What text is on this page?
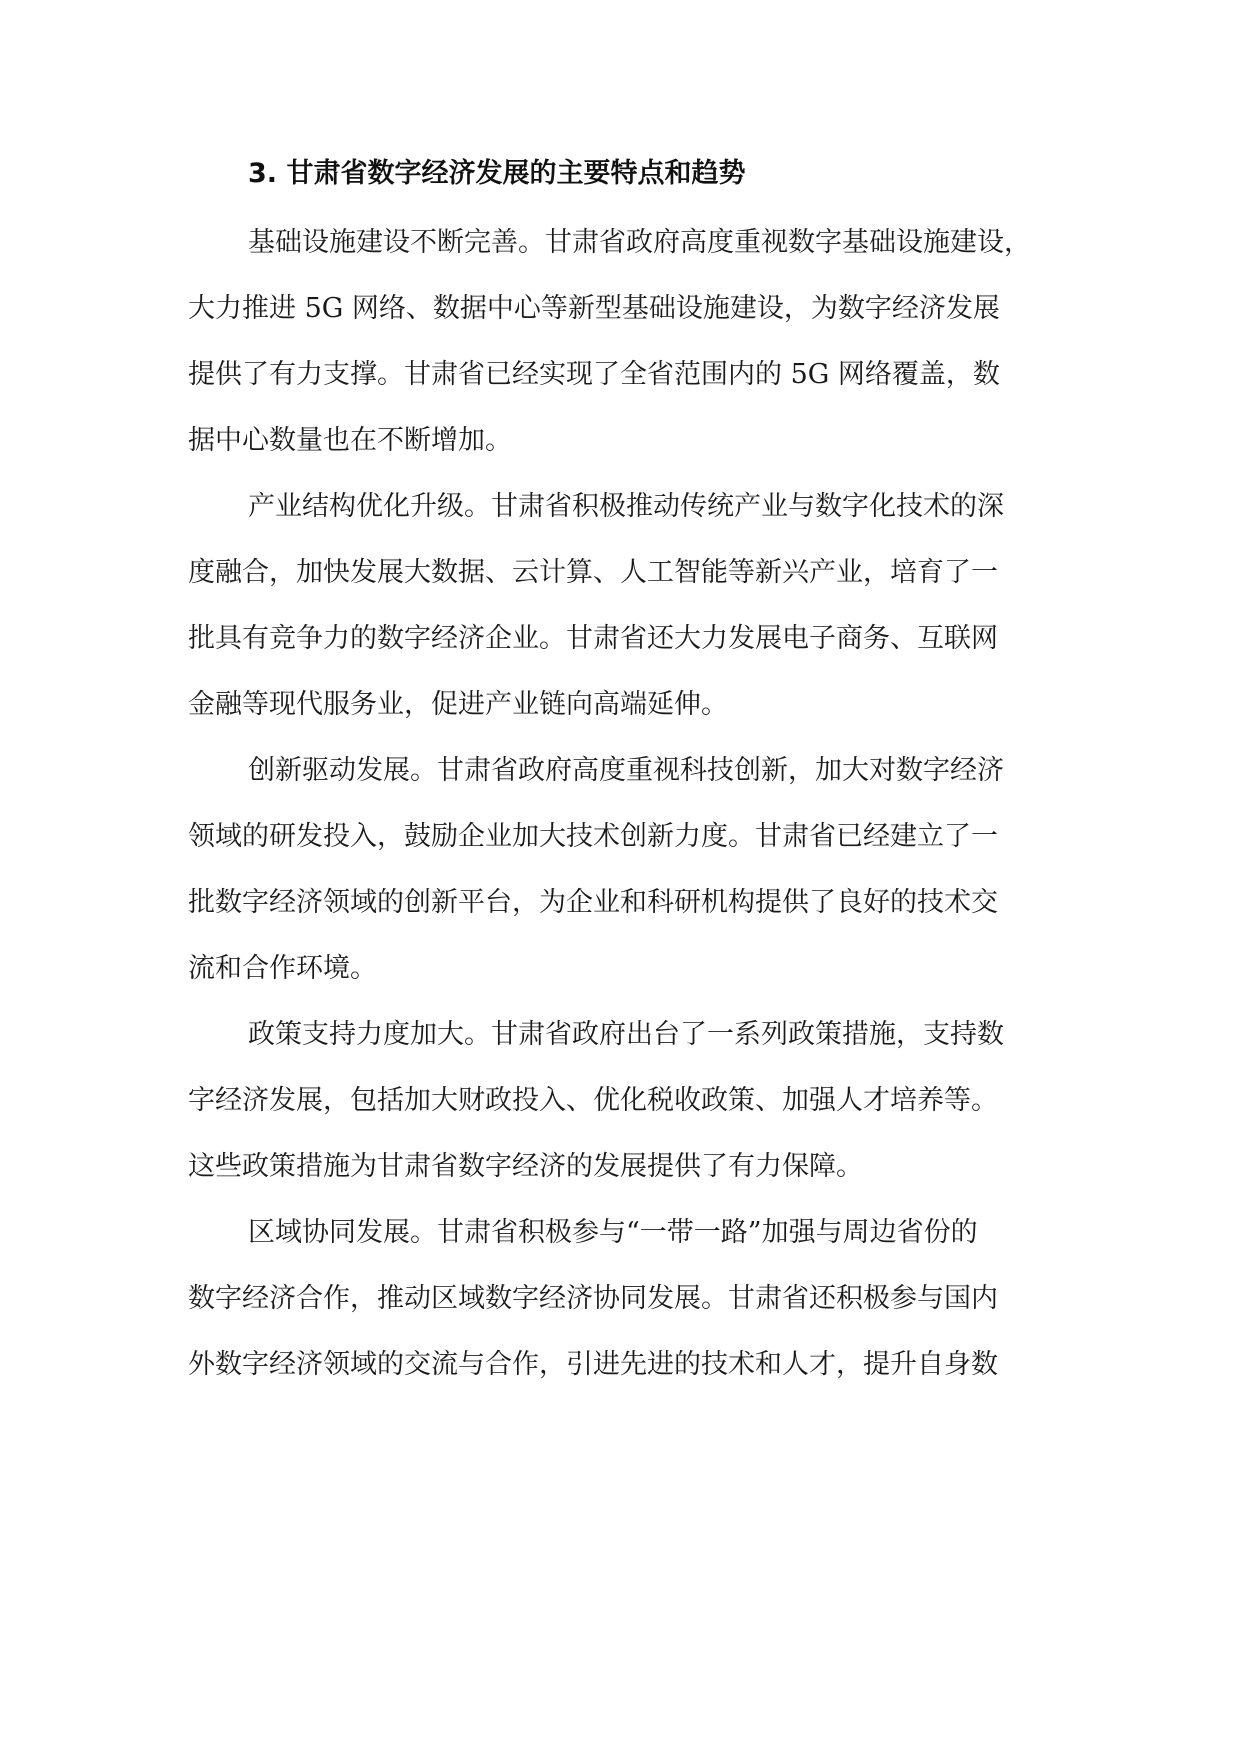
3. 甘肃省数字经济发展的主要特点和趋势

基础设施建设不断完善。甘肃省政府高度重视数字基础设施建设，

大力推进 5G 网络、数据中心等新型基础设施建设，为数字经济发展

提供了有力支撑。甘肃省已经实现了全省范围内的 5G 网络覆盖，数

据中心数量也在不断增加。

产业结构优化升级。甘肃省积极推动传统产业与数字化技术的深

度融合，加快发展大数据、云计算、人工智能等新兴产业，培育了一

批具有竞争力的数字经济企业。甘肃省还大力发展电子商务、互联网

金融等现代服务业，促进产业链向高端延伸。

创新驱动发展。甘肃省政府高度重视科技创新，加大对数字经济

领域的研发投入，鼓励企业加大技术创新力度。甘肃省已经建立了一

批数字经济领域的创新平台，为企业和科研机构提供了良好的技术交

流和合作环境。

政策支持力度加大。甘肃省政府出台了一系列政策措施，支持数

字经济发展，包括加大财政投入、优化税收政策、加强人才培养等。

这些政策措施为甘肃省数字经济的发展提供了有力保障。

区域协同发展。甘肃省积极参与“一带一路”加强与周边省份的

数字经济合作，推动区域数字经济协同发展。甘肃省还积极参与国内

外数字经济领域的交流与合作，引进先进的技术和人才，提升自身数
